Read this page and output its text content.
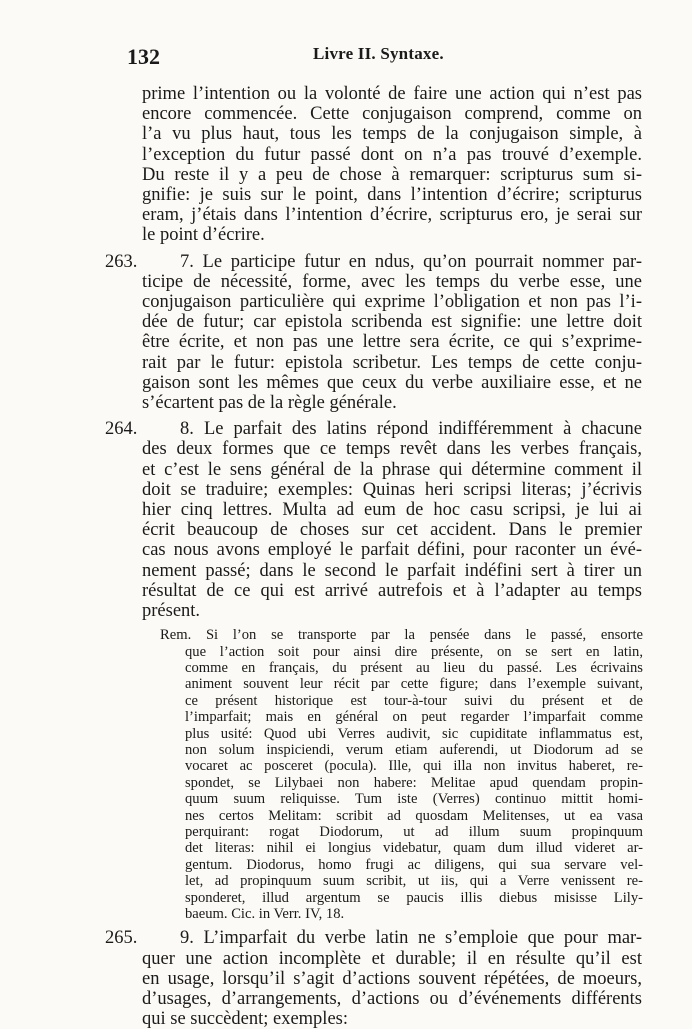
132	Livre II. Syntaxe.
prime l’intention ou la volonté de faire une action qui n’est pas
encore commencée. Cette conjugaison comprend, comme on
l’a vu plus haut, tous les temps de la conjugaison simple, à
l’exception du futur passé dont on n’a pas trouvé d’exemple.
Du reste il y a peu de chose à remarquer: scripturus sum si-
gnifie: je suis sur le point, dans l’intention d’écrire; scripturus
eram, j’étais dans l’intention d’écrire, scripturus ero, je serai sur
le point d’écrire.
263. 7. Le participe futur en ndus, qu’on pourrait nommer par-
ticipe de nécessité, forme, avec les temps du verbe esse, une
conjugaison particulière qui exprime l’obligation et non pas l’i-
dée de futur; car epistola scribenda est signifie: une lettre doit
être écrite, et non pas une lettre sera écrite, ce qui s’exprime-
rait par le futur: epistola scribetur. Les temps de cette conju-
gaison sont les mêmes que ceux du verbe auxiliaire esse, et ne
s’écartent pas de la règle générale.
264. 8. Le parfait des latins répond indifféremment à chacune
des deux formes que ce temps revêt dans les verbes français,
et c’est le sens général de la phrase qui détermine comment il
doit se traduire; exemples: Quinas heri scripsi literas; j’écrivis
hier cinq lettres. Multa ad eum de hoc casu scripsi, je lui ai
écrit beaucoup de choses sur cet accident. Dans le premier
cas nous avons employé le parfait défini, pour raconter un évé-
nement passé; dans le second le parfait indéfini sert à tirer un
résultat de ce qui est arrivé autrefois et à l’adapter au temps
présent.
Rem. Si l’on se transporte par la pensée dans le passé, ensorte
que l’action soit pour ainsi dire présente, on se sert en latin,
comme en français, du présent au lieu du passé. Les écrivains
animent souvent leur récit par cette figure; dans l’exemple suivant,
ce présent historique est tour-à-tour suivi du présent et de
l’imparfait; mais en général on peut regarder l’imparfait comme
plus usité: Quod ubi Verres audivit, sic cupiditate inflammatus est,
non solum inspiciendi, verum etiam auferendi, ut Diodorum ad se
vocaret ac posceret (pocula). Ille, qui illa non invitus haberet, re-
spondet, se Lilybaei non habere: Melitae apud quendam propin-
quum suum reliquisse. Tum iste (Verres) continuo mittit homi-
nes certos Melitam: scribit ad quosdam Melitenses, ut ea vasa
perquirant: rogat Diodorum, ut ad illum suum propinquum
det literas: nihil ei longius videbatur, quam dum illud videret ar-
gentum. Diodorus, homo frugi ac diligens, qui sua servare vel-
let, ad propinquum suum scribit, ut iis, qui a Verre venissent re-
sponderet, illud argentum se paucis illis diebus misisse Lily-
baeum. Cic. in Verr. IV, 18.
265. 9. L’imparfait du verbe latin ne s’emploie que pour mar-
quer une action incomplète et durable; il en résulte qu’il est
en usage, lorsqu’il s’agit d’actions souvent répétées, de moeurs,
d’usages, d’arrangements, d’actions ou d’événements différents
qui se succèdent; exemples:
